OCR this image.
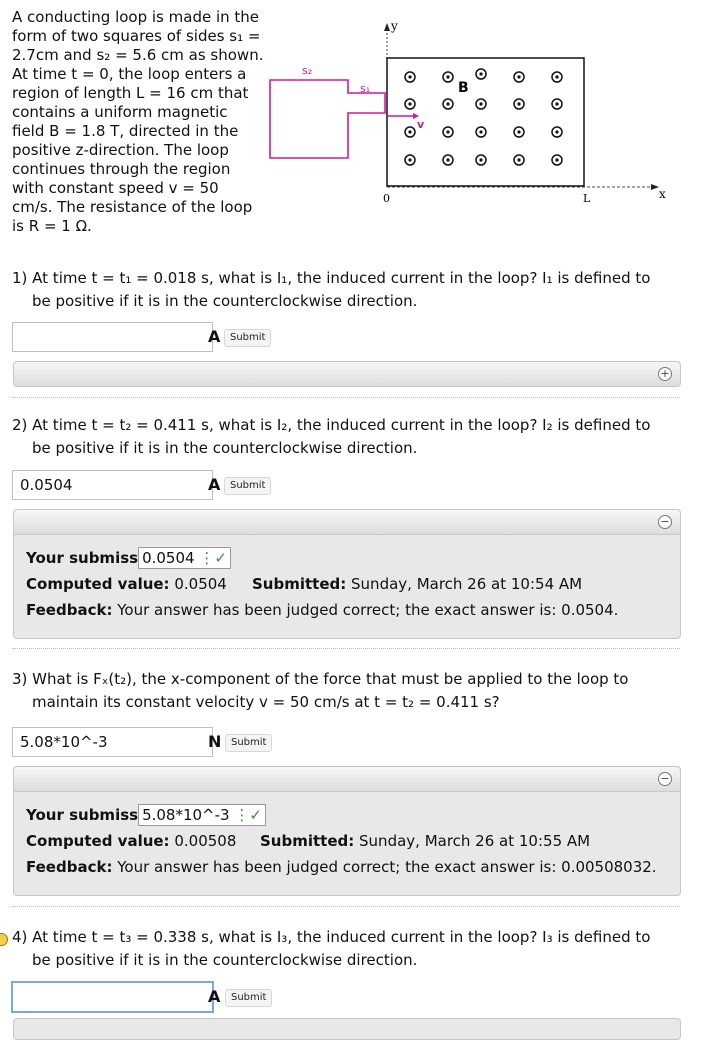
A conducting loop is made in the
form of two squares of sides s₁ =
2.7cm and s₂ = 5.6 cm as shown.
At time t = 0, the loop enters a
region of length L = 16 cm that
contains a uniform magnetic
field B = 1.8 T, directed in the
positive z-direction. The loop
continues through the region
with constant speed v = 50
cm/s. The resistance of the loop
is R = 1 Ω.
y
x
0	L
s₂
s₁
v
B
1) At time t = t₁ = 0.018 s, what is I₁, the induced current in the loop? I₁ is defined to
be positive if it is in the counterclockwise direction.
A Submit
+
2) At time t = t₂ = 0.411 s, what is I₂, the induced current in the loop? I₂ is defined to
be positive if it is in the counterclockwise direction.
0.0504	A Submit
−
Your submiss 0.0504 ⋮✓
Computed value: 0.0504 Submitted: Sunday, March 26 at 10:54 AM
Feedback: Your answer has been judged correct; the exact answer is: 0.0504.
3) What is Fₓ(t₂), the x-component of the force that must be applied to the loop to
maintain its constant velocity v = 50 cm/s at t = t₂ = 0.411 s?
5.08*10^-3	N Submit
−
Your submiss 5.08*10^-3 ⋮✓
Computed value: 0.00508 Submitted: Sunday, March 26 at 10:55 AM
Feedback: Your answer has been judged correct; the exact answer is: 0.00508032.
4) At time t = t₃ = 0.338 s, what is I₃, the induced current in the loop? I₃ is defined to
be positive if it is in the counterclockwise direction.
A	Submit
